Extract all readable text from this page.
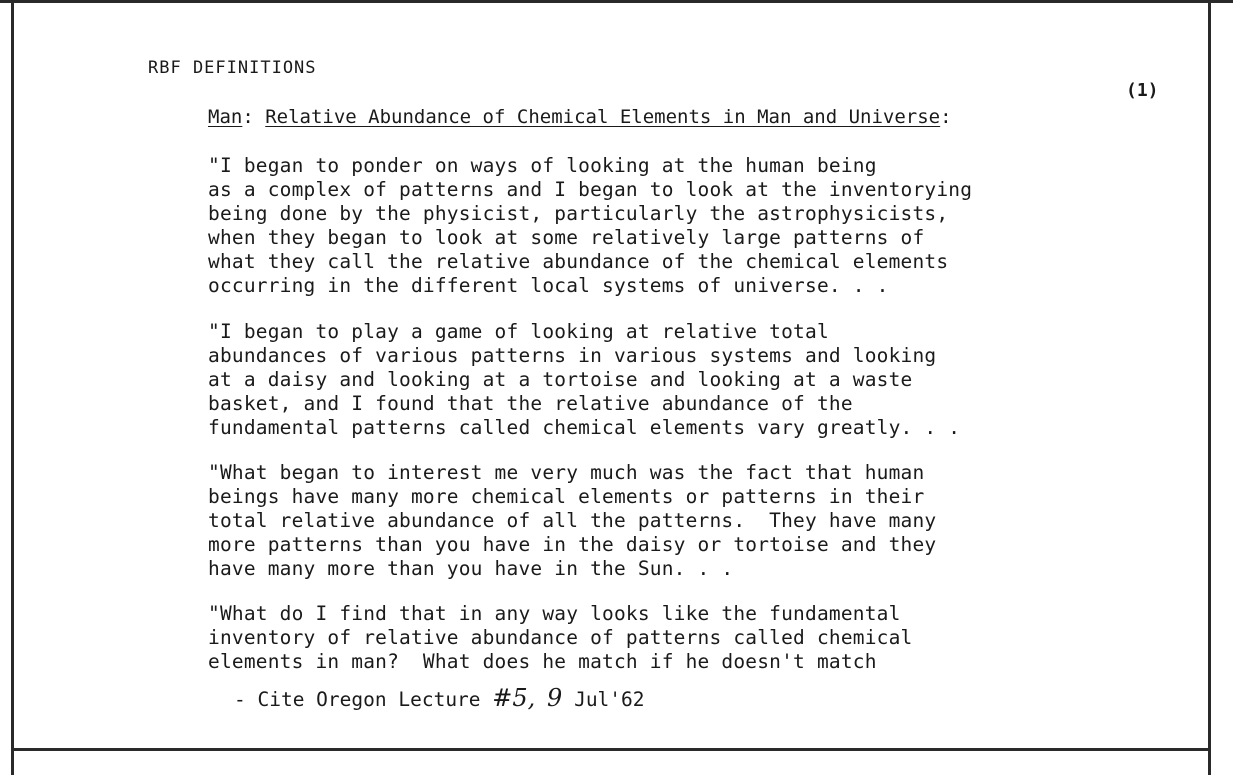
RBF DEFINITIONS
(1)
Man: Relative Abundance of Chemical Elements in Man and Universe:
"I began to ponder on ways of looking at the human being
as a complex of patterns and I began to look at the inventorying
being done by the physicist, particularly the astrophysicists,
when they began to look at some relatively large patterns of
what they call the relative abundance of the chemical elements
occurring in the different local systems of universe. . .
"I began to play a game of looking at relative total
abundances of various patterns in various systems and looking
at a daisy and looking at a tortoise and looking at a waste
basket, and I found that the relative abundance of the
fundamental patterns called chemical elements vary greatly. . .
"What began to interest me very much was the fact that human
beings have many more chemical elements or patterns in their
total relative abundance of all the patterns.  They have many
more patterns than you have in the daisy or tortoise and they
have many more than you have in the Sun. . .
"What do I find that in any way looks like the fundamental
inventory of relative abundance of patterns called chemical
elements in man?  What does he match if he doesn't match
- Cite Oregon Lecture #5, 9 Jul'62
